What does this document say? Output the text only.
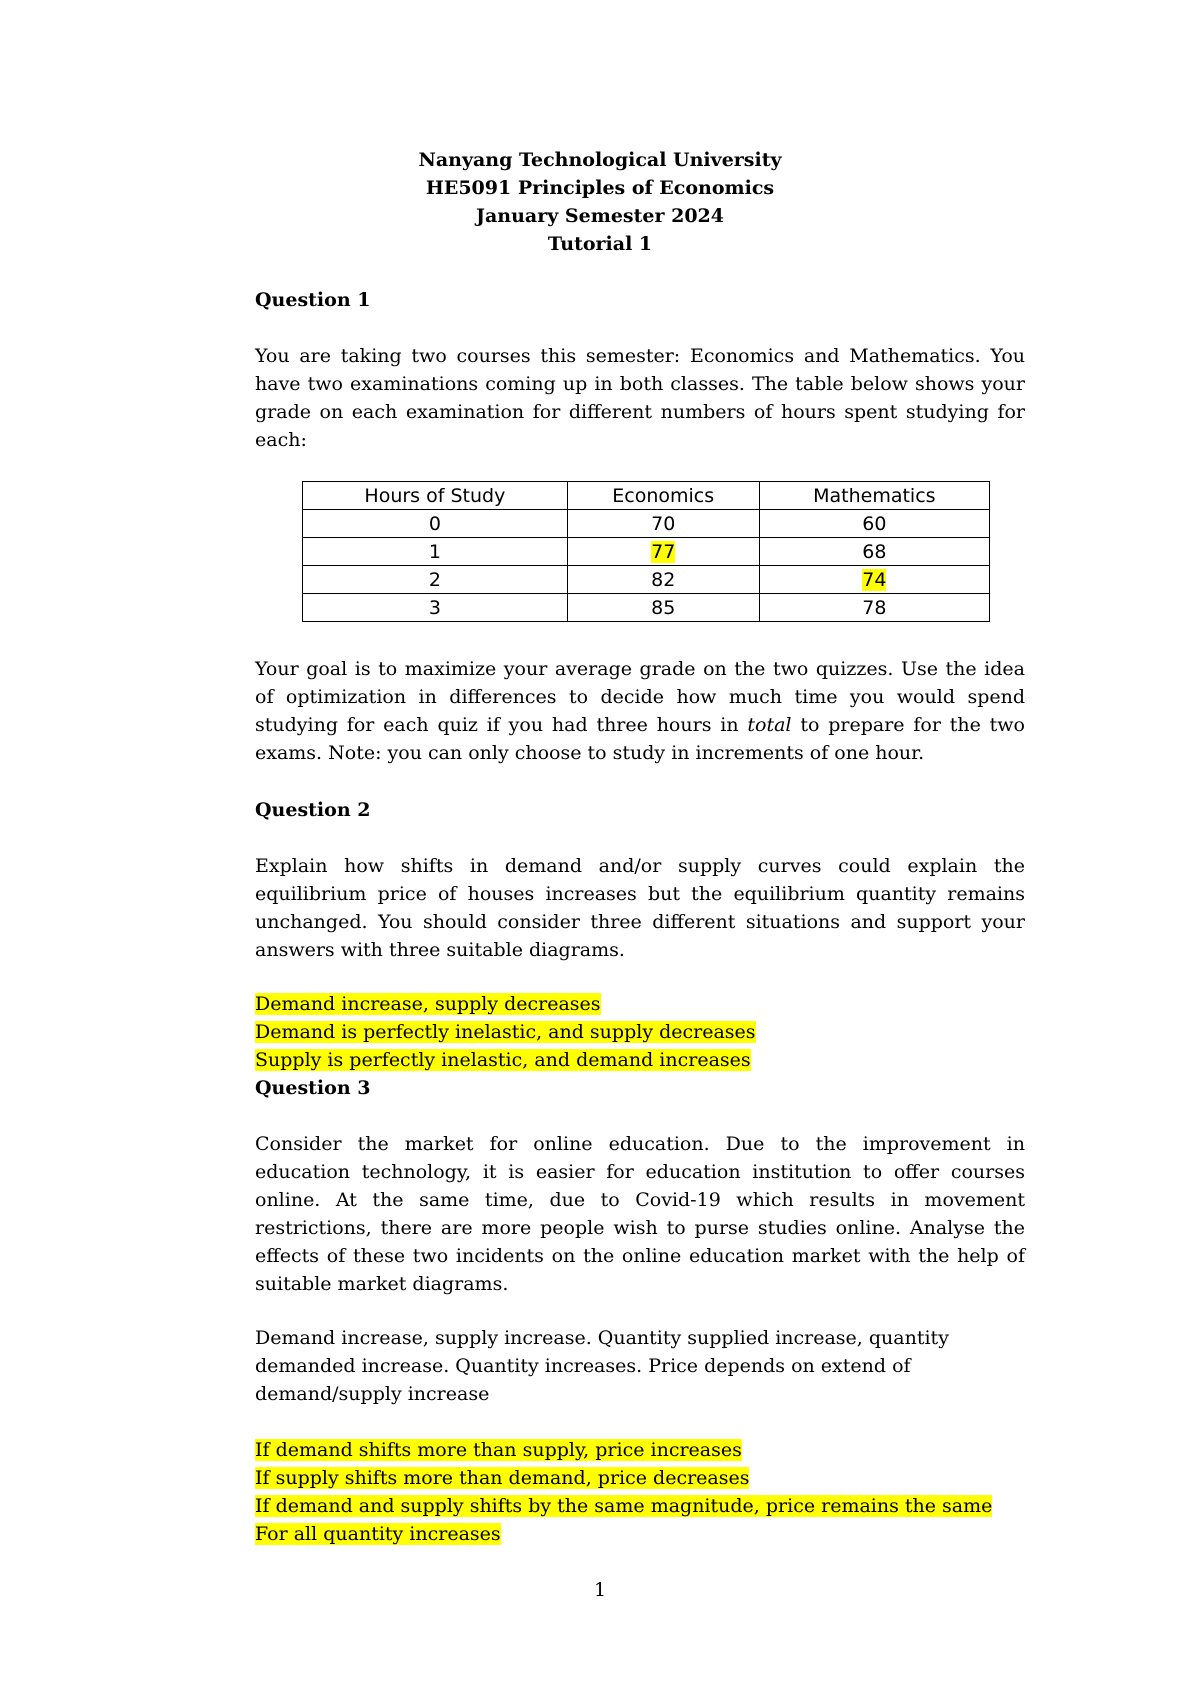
Nanyang Technological University
HE5091 Principles of Economics
January Semester 2024
Tutorial 1
Question 1
You are taking two courses this semester: Economics and Mathematics. You have two examinations coming up in both classes. The table below shows your grade on each examination for different numbers of hours spent studying for each:
Your goal is to maximize your average grade on the two quizzes. Use the idea of optimization in differences to decide how much time you would spend studying for each quiz if you had three hours in total to prepare for the two exams. Note: you can only choose to study in increments of one hour.
Question 2
Explain how shifts in demand and/or supply curves could explain the equilibrium price of houses increases but the equilibrium quantity remains unchanged. You should consider three different situations and support your answers with three suitable diagrams.
Demand increase, supply decreases
Demand is perfectly inelastic, and supply decreases
Supply is perfectly inelastic, and demand increases
Question 3
Consider the market for online education. Due to the improvement in education technology, it is easier for education institution to offer courses online. At the same time, due to Covid-19 which results in movement restrictions, there are more people wish to purse studies online. Analyse the effects of these two incidents on the online education market with the help of suitable market diagrams.
Demand increase, supply increase. Quantity supplied increase, quantity demanded increase. Quantity increases. Price depends on extend of demand/supply increase
If demand shifts more than supply, price increases
If supply shifts more than demand, price decreases
If demand and supply shifts by the same magnitude, price remains the same
For all quantity increases
Hours of Study	Economics	Mathematics
0	70	60
1	77	68
2	82	74
3	85	78
1
